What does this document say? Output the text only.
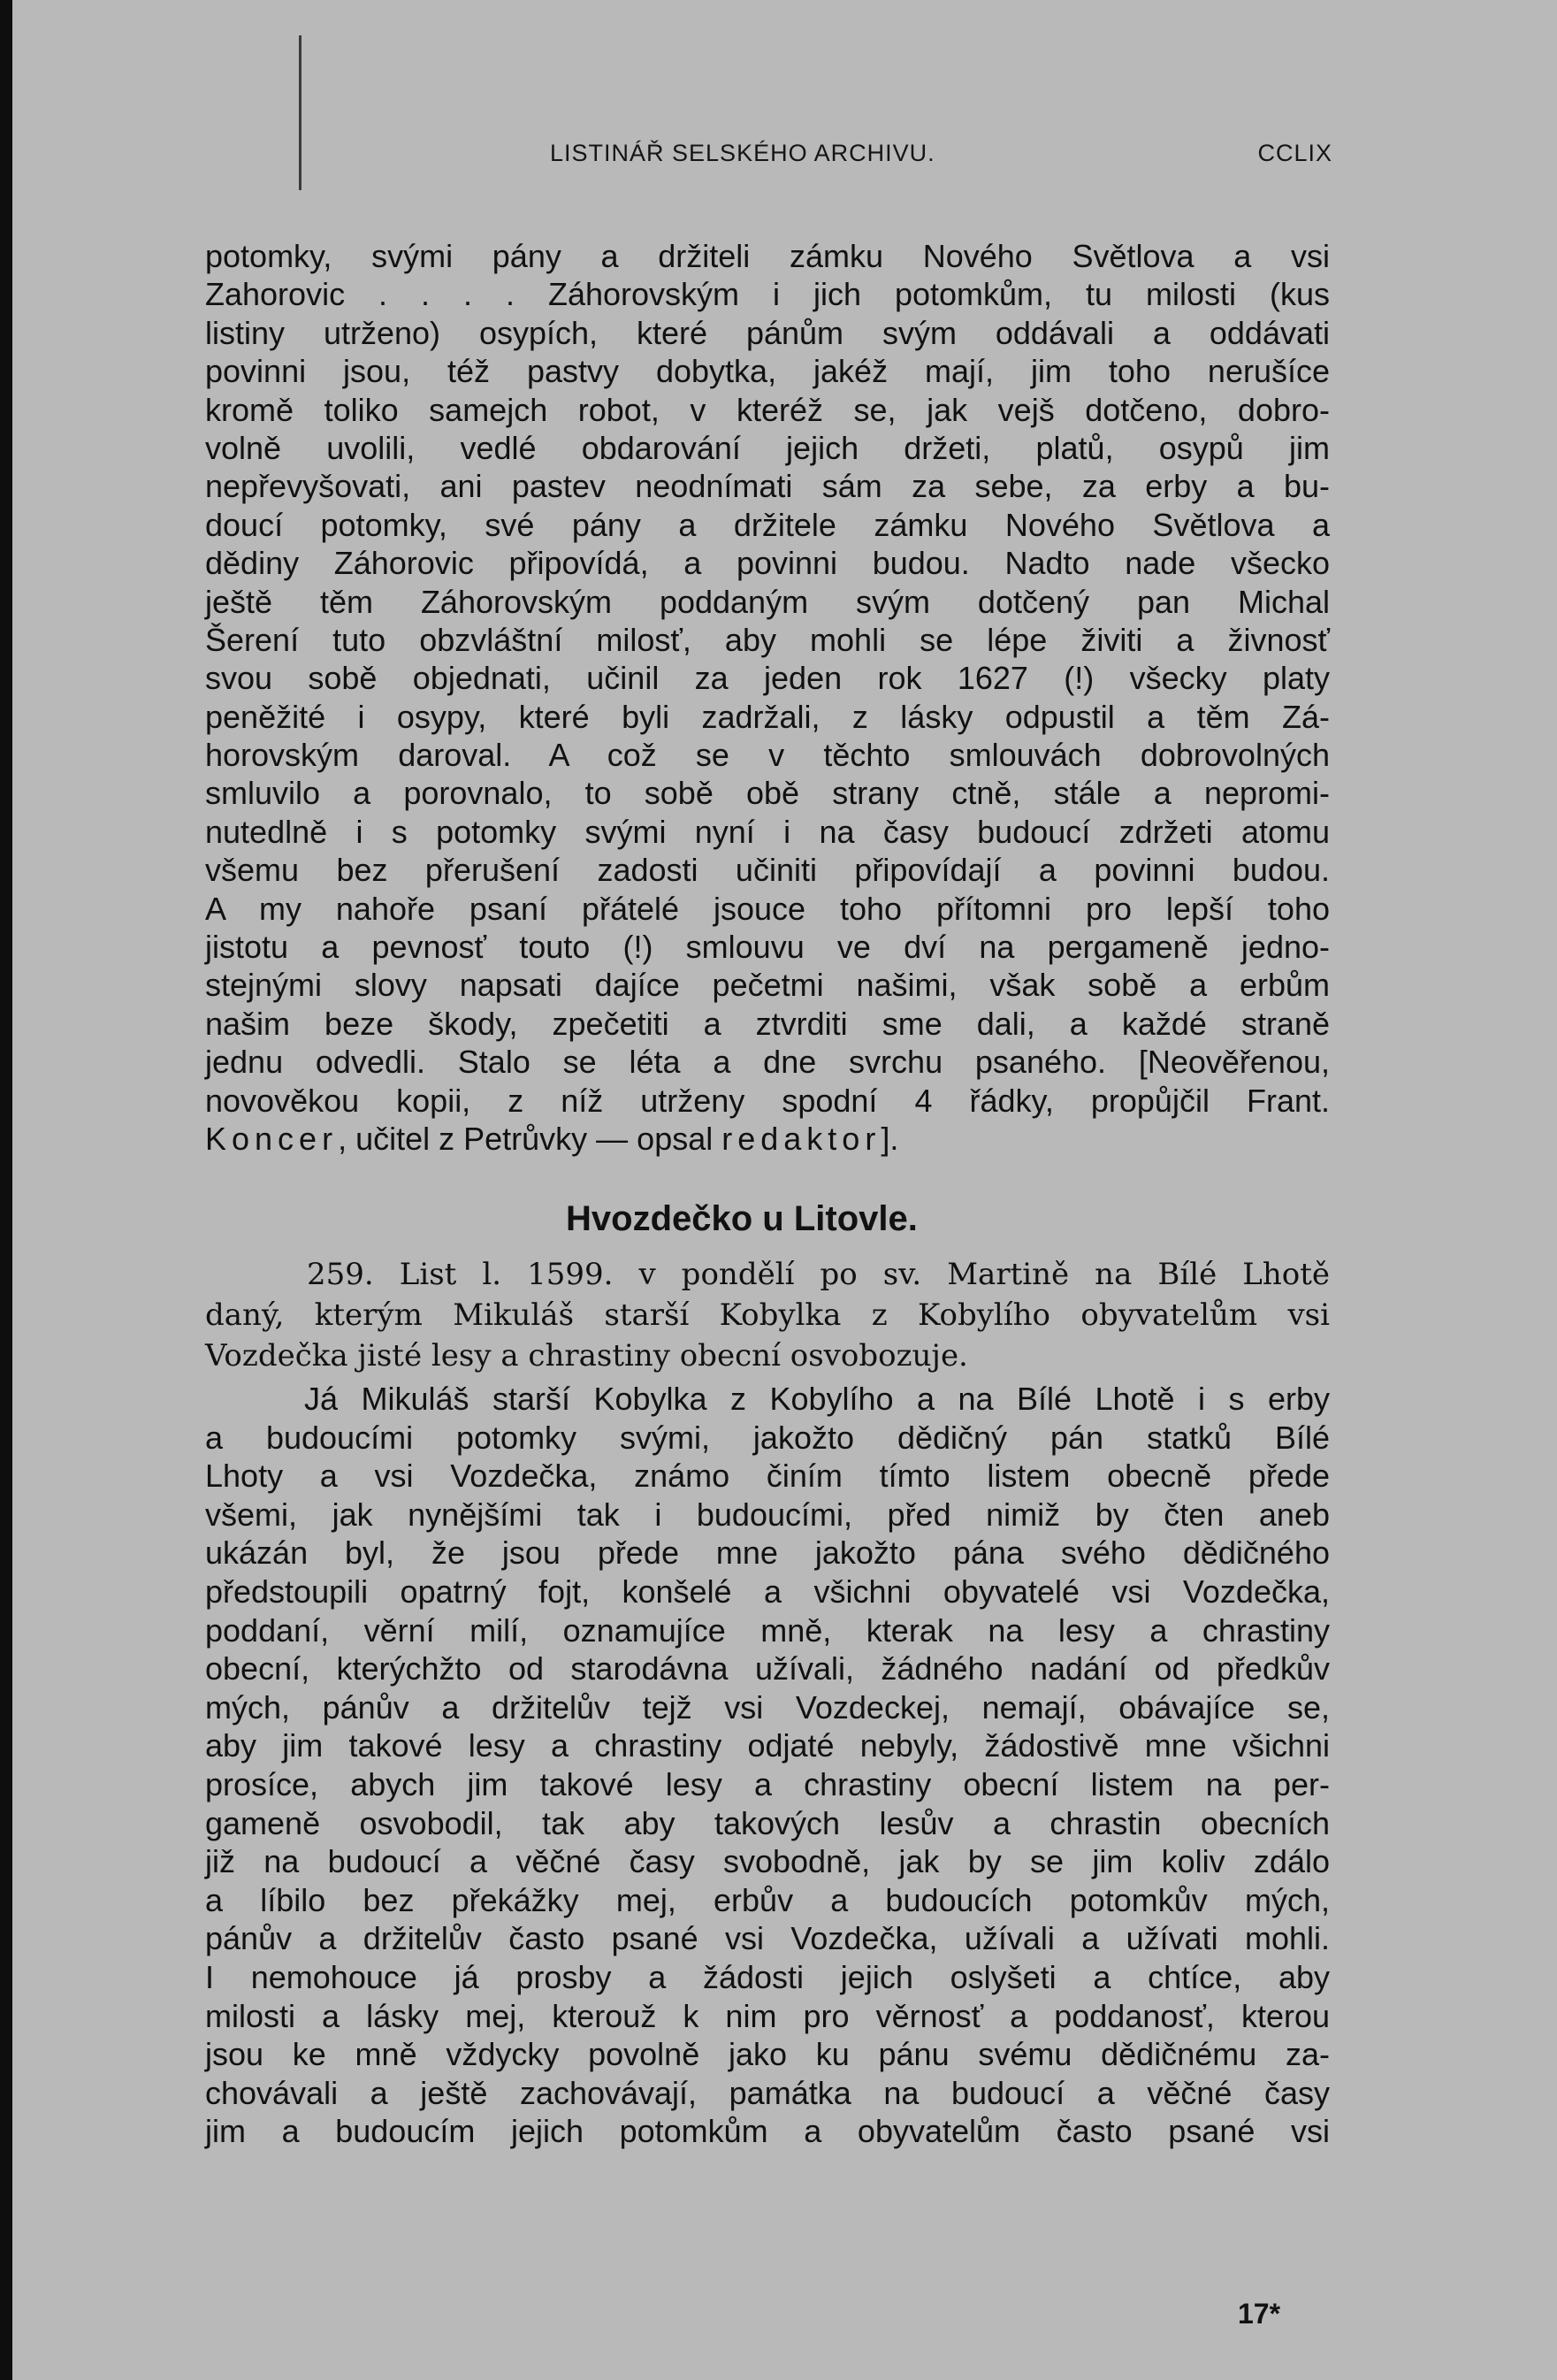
LISTINÁŘ SELSKÉHO ARCHIVU.	CCLIX
potomky, svými pány a držiteli zámku Nového Světlova a vsi
Zahorovic . . . . Záhorovským i jich potomkům, tu milosti (kus
listiny utrženo) osypích, které pánům svým oddávali a oddávati
povinni jsou, též pastvy dobytka, jakéž mají, jim toho nerušíce
kromě toliko samejch robot, v kteréž se, jak vejš dotčeno, dobro-
volně uvolili, vedlé obdarování jejich držeti, platů, osypů jim
nepřevyšovati, ani pastev neodnímati sám za sebe, za erby a bu-
doucí potomky, své pány a držitele zámku Nového Světlova a
dědiny Záhorovic připovídá, a povinni budou. Nadto nade všecko
ještě těm Záhorovským poddaným svým dotčený pan Michal
Šerení tuto obzvláštní milosť, aby mohli se lépe živiti a živnosť
svou sobě objednati, učinil za jeden rok 1627 (!) všecky platy
peněžité i osypy, které byli zadržali, z lásky odpustil a těm Zá-
horovským daroval. A což se v těchto smlouvách dobrovolných
smluvilo a porovnalo, to sobě obě strany ctně, stále a nepromi-
nutedlně i s potomky svými nyní i na časy budoucí zdržeti atomu
všemu bez přerušení zadosti učiniti připovídají a povinni budou.
A my nahoře psaní přátelé jsouce toho přítomni pro lepší toho
jistotu a pevnosť touto (!) smlouvu ve dví na pergameně jedno-
stejnými slovy napsati dajíce pečetmi našimi, však sobě a erbům
našim beze škody, zpečetiti a ztvrditi sme dali, a každé straně
jednu odvedli. Stalo se léta a dne svrchu psaného. [Neověřenou,
novověkou kopii, z níž utrženy spodní 4 řádky, propůjčil Frant.
Koncer, učitel z Petrůvky — opsal redaktor].
Hvozdečko u Litovle.
259. List l. 1599. v pondělí po sv. Martině na Bílé Lhotě
daný, kterým Mikuláš starší Kobylka z Kobylího obyvatelům vsi
Vozdečka jisté lesy a chrastiny obecní osvobozuje.
Já Mikuláš starší Kobylka z Kobylího a na Bílé Lhotě i s erby
a budoucími potomky svými, jakožto dědičný pán statků Bílé
Lhoty a vsi Vozdečka, známo činím tímto listem obecně přede
všemi, jak nynějšími tak i budoucími, před nimiž by čten aneb
ukázán byl, že jsou přede mne jakožto pána svého dědičného
předstoupili opatrný fojt, konšelé a všichni obyvatelé vsi Vozdečka,
poddaní, věrní milí, oznamujíce mně, kterak na lesy a chrastiny
obecní, kterýchžto od starodávna užívali, žádného nadání od předkův
mých, pánův a držitelův tejž vsi Vozdeckej, nemají, obávajíce se,
aby jim takové lesy a chrastiny odjaté nebyly, žádostivě mne všichni
prosíce, abych jim takové lesy a chrastiny obecní listem na per-
gameně osvobodil, tak aby takových lesův a chrastin obecních
již na budoucí a věčné časy svobodně, jak by se jim koliv zdálo
a líbilo bez překážky mej, erbův a budoucích potomkův mých,
pánův a držitelův často psané vsi Vozdečka, užívali a užívati mohli.
I nemohouce já prosby a žádosti jejich oslyšeti a chtíce, aby
milosti a lásky mej, kterouž k nim pro věrnosť a poddanosť, kterou
jsou ke mně vždycky povolně jako ku pánu svému dědičnému za-
chovávali a ještě zachovávají, památka na budoucí a věčné časy
jim a budoucím jejich potomkům a obyvatelům často psané vsi
17*
